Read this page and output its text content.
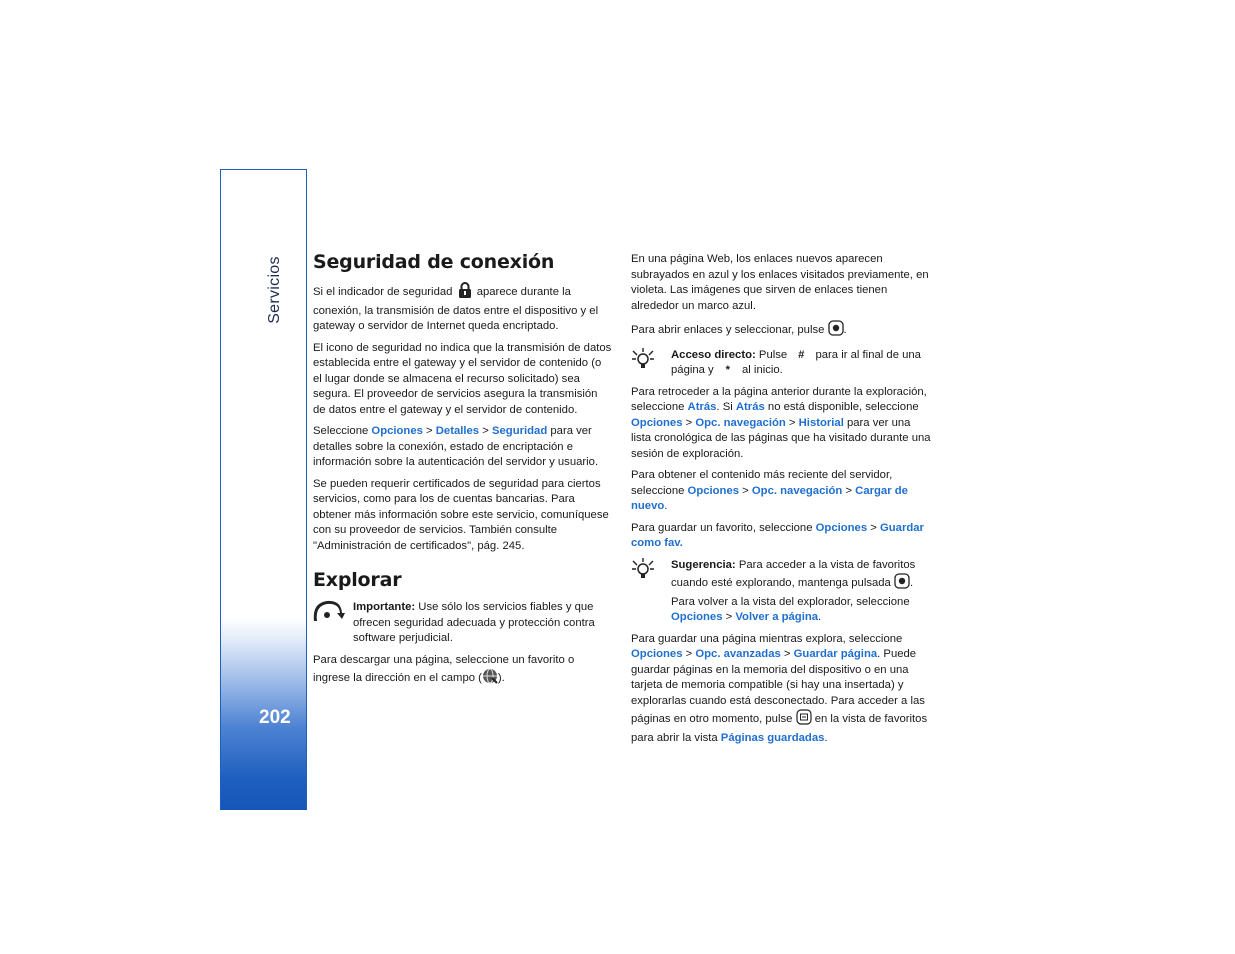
Servicios
202
Seguridad de conexión

Si el indicador de seguridad aparece durante la conexión, la transmisión de datos entre el dispositivo y el gateway o servidor de Internet queda encriptado.

El icono de seguridad no indica que la transmisión de datos establecida entre el gateway y el servidor de contenido (o el lugar donde se almacena el recurso solicitado) sea segura. El proveedor de servicios asegura la transmisión de datos entre el gateway y el servidor de contenido.

Seleccione Opciones > Detalles > Seguridad para ver detalles sobre la conexión, estado de encriptación e información sobre la autenticación del servidor y usuario.

Se pueden requerir certificados de seguridad para ciertos servicios, como para los de cuentas bancarias. Para obtener más información sobre este servicio, comuníquese con su proveedor de servicios. También consulte "Administración de certificados", pág. 245.

Explorar
Importante: Use sólo los servicios fiables y que ofrecen seguridad adecuada y protección contra software perjudicial.

Para descargar una página, seleccione un favorito o ingrese la dirección en el campo ( ).

En una página Web, los enlaces nuevos aparecen subrayados en azul y los enlaces visitados previamente, en violeta. Las imágenes que sirven de enlaces tienen alrededor un marco azul.

Para abrir enlaces y seleccionar, pulse .

Acceso directo: Pulse # para ir al final de una página y * al inicio.

Para retroceder a la página anterior durante la exploración, seleccione Atrás. Si Atrás no está disponible, seleccione Opciones > Opc. navegación > Historial para ver una lista cronológica de las páginas que ha visitado durante una sesión de exploración.

Para obtener el contenido más reciente del servidor, seleccione Opciones > Opc. navegación > Cargar de nuevo.

Para guardar un favorito, seleccione Opciones > Guardar como fav.

Sugerencia: Para acceder a la vista de favoritos cuando esté explorando, mantenga pulsada . Para volver a la vista del explorador, seleccione Opciones > Volver a página.

Para guardar una página mientras explora, seleccione Opciones > Opc. avanzadas > Guardar página. Puede guardar páginas en la memoria del dispositivo o en una tarjeta de memoria compatible (si hay una insertada) y explorarlas cuando está desconectado. Para acceder a las páginas en otro momento, pulse en la vista de favoritos para abrir la vista Páginas guardadas.
